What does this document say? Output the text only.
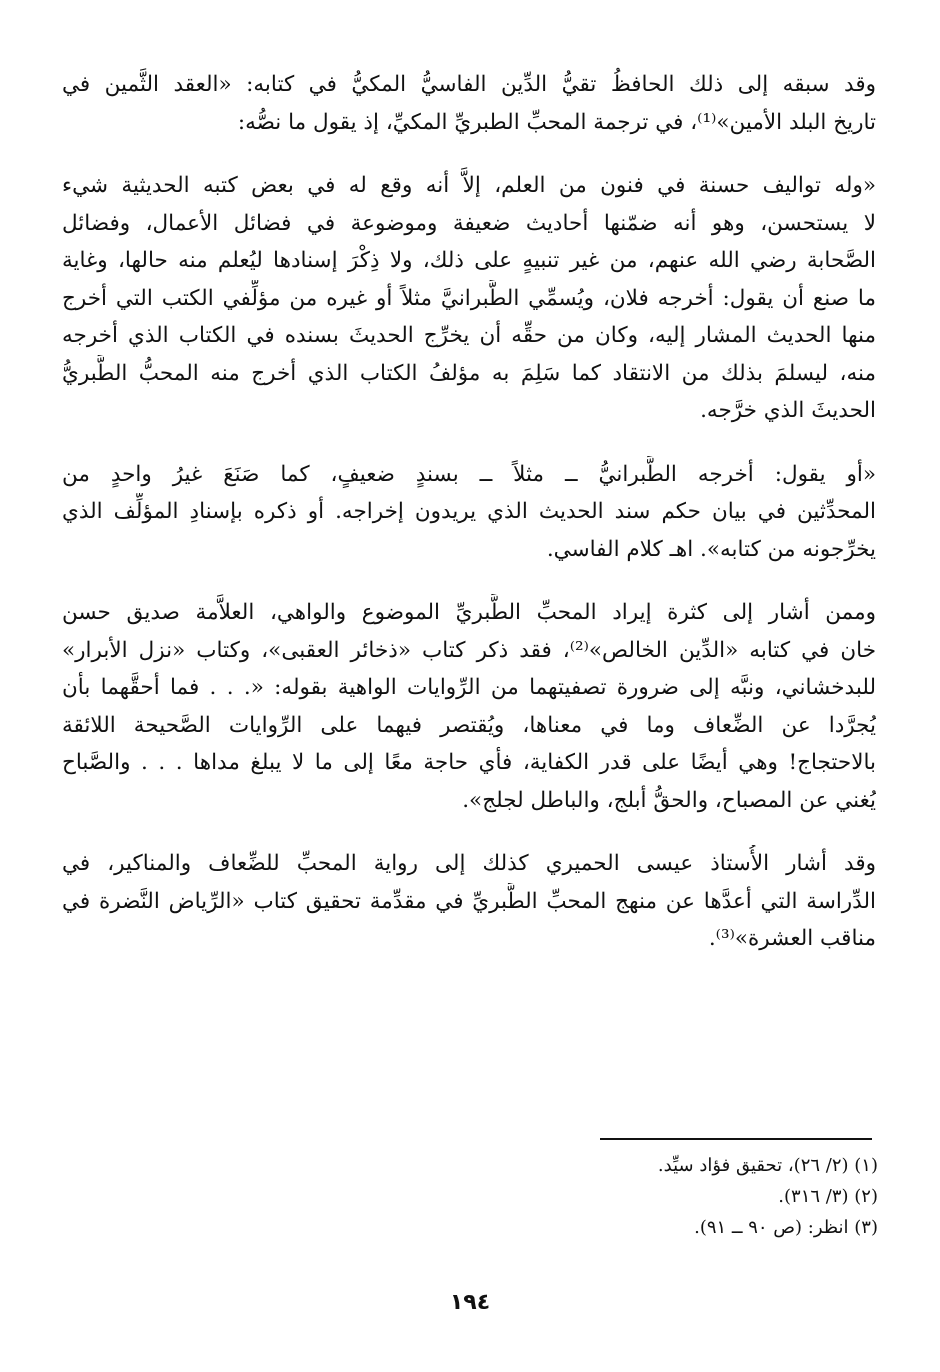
وقد سبقه إلى ذلك الحافظُ تقيُّ الدِّين الفاسيُّ المكيُّ في كتابه: «العقد الثَّمين في
تاريخ البلد الأمين»⁽¹⁾، في ترجمة المحبِّ الطبريِّ المكيِّ، إذ يقول ما نصُّه:

«وله تواليف حسنة في فنون من العلم، إلاَّ أنه وقع له في بعض كتبه الحديثية شيء
لا يستحسن، وهو أنه ضمّنها أحاديث ضعيفة وموضوعة في فضائل الأعمال، وفضائل
الصَّحابة رضي الله عنهم، من غير تنبيهٍ على ذلك، ولا ذِكْرَ إسنادها ليُعلم منه حالها، وغاية
ما صنع أن يقول: أخرجه فلان، ويُسمِّي الطَّبرانيَّ مثلاً أو غيره من مؤلِّفي الكتب التي أخرج
منها الحديث المشار إليه، وكان من حقِّه أن يخرِّج الحديثَ بسنده في الكتاب الذي أخرجه
منه، ليسلمَ بذلك من الانتقاد كما سَلِمَ به مؤلفُ الكتاب الذي أخرج منه المحبُّ الطَّبريُّ
الحديثَ الذي خرَّجه.

«أو يقول: أخرجه الطَّبرانيُّ ــ مثلاً ــ بسندٍ ضعيفٍ، كما صَنَعَ غيرُ واحدٍ من
المحدِّثين في بيان حكم سند الحديث الذي يريدون إخراجه. أو ذكره بإسنادِ المؤلِّف الذي
يخرِّجونه من كتابه». اهـ كلام الفاسي.

وممن أشار إلى كثرة إيراد المحبِّ الطَّبريِّ الموضوع والواهي، العلاَّمة صديق حسن
خان في كتابه «الدِّين الخالص»⁽²⁾، فقد ذكر كتاب «ذخائر العقبى»، وكتاب «نزل الأبرار»
للبدخشاني، ونبَّه إلى ضرورة تصفيتهما من الرِّوايات الواهية بقوله: «. . . فما أحقَّهما بأن
يُجرَّدا عن الضِّعاف وما في معناها، ويُقتصر فيهما على الرِّوايات الصَّحيحة اللائقة
بالاحتجاج! وهي أيضًا على قدر الكفاية، فأي حاجة معًا إلى ما لا يبلغ مداها . . . والصَّباح
يُغني عن المصباح، والحقُّ أبلج، والباطل لجلج».

وقد أشار الأُستاذ عيسى الحميري كذلك إلى رواية المحبِّ للضِّعاف والمناكير، في
الدِّراسة التي أعدَّها عن منهج المحبِّ الطَّبريِّ في مقدِّمة تحقيق كتاب «الرِّياض النَّضرة في
مناقب العشرة»⁽³⁾.

(١) (٢/ ٢٦)، تحقيق فؤاد سيِّد.
(٢) (٣/ ٣١٦).
(٣) انظر: (ص ٩٠ ــ ٩١).
١٩٤
